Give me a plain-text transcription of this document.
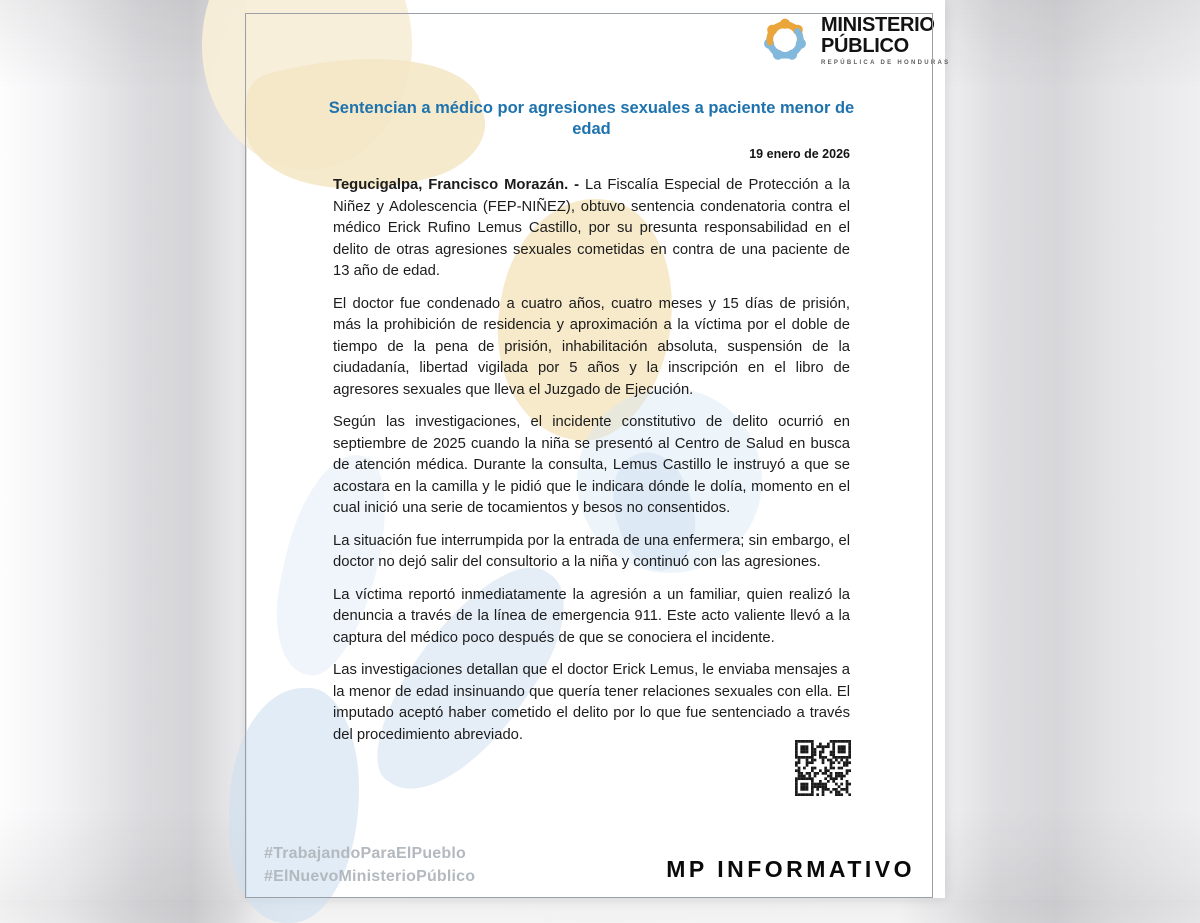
MINISTERIO
PÚBLICO
REPÚBLICA DE HONDURAS
Sentencian a médico por agresiones sexuales a paciente menor de edad
19 enero de 2026

Tegucigalpa, Francisco Morazán. - La Fiscalía Especial de Protección a la Niñez y Adolescencia (FEP-NIÑEZ), obtuvo sentencia condenatoria contra el médico Erick Rufino Lemus Castillo, por su presunta responsabilidad en el delito de otras agresiones sexuales cometidas en contra de una paciente de 13 año de edad.

El doctor fue condenado a cuatro años, cuatro meses y 15 días de prisión, más la prohibición de residencia y aproximación a la víctima por el doble de tiempo de la pena de prisión, inhabilitación absoluta, suspensión de la ciudadanía, libertad vigilada por 5 años y la inscripción en el libro de agresores sexuales que lleva el Juzgado de Ejecución.

Según las investigaciones, el incidente constitutivo de delito ocurrió en septiembre de 2025 cuando la niña se presentó al Centro de Salud en busca de atención médica. Durante la consulta, Lemus Castillo le instruyó a que se acostara en la camilla y le pidió que le indicara dónde le dolía, momento en el cual inició una serie de tocamientos y besos no consentidos.

La situación fue interrumpida por la entrada de una enfermera; sin embargo, el doctor no dejó salir del consultorio a la niña y continuó con las agresiones.

La víctima reportó inmediatamente la agresión a un familiar, quien realizó la denuncia a través de la línea de emergencia 911. Este acto valiente llevó a la captura del médico poco después de que se conociera el incidente.

Las investigaciones detallan que el doctor Erick Lemus, le enviaba mensajes a la menor de edad insinuando que quería tener relaciones sexuales con ella. El imputado aceptó haber cometido el delito por lo que fue sentenciado a través del procedimiento abreviado.

#TrabajandoParaElPueblo
#ElNuevoMinisterioPúblico	MP INFORMATIVO
